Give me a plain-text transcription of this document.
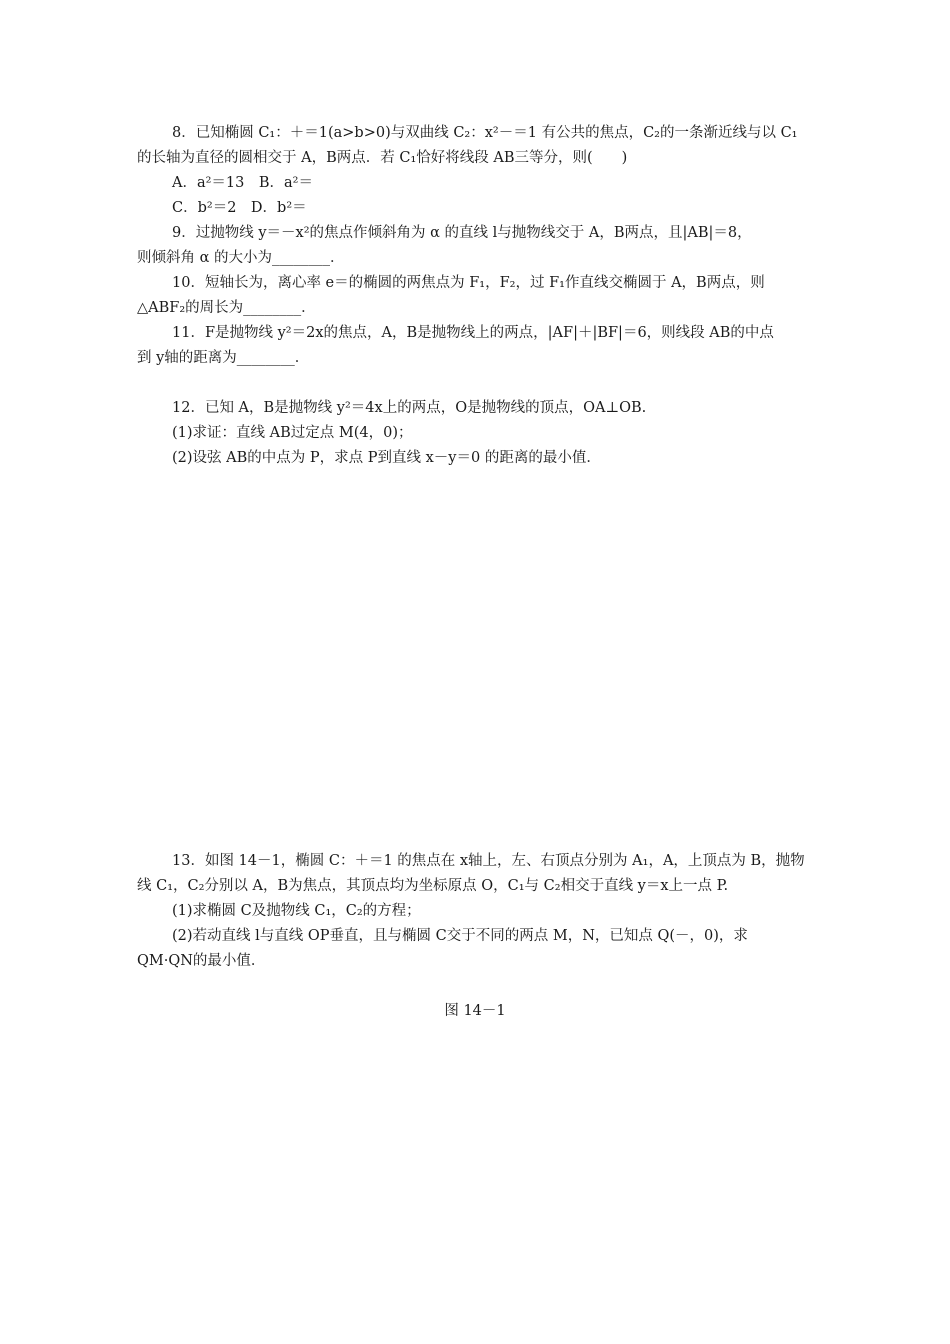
8．已知椭圆 C₁：＋＝1(a>b>0)与双曲线 C₂：x²－＝1 有公共的焦点，C₂的一条渐近线与以 C₁
的长轴为直径的圆相交于 A，B两点．若 C₁恰好将线段 AB三等分，则(　　)
A．a²＝13　B．a²＝
C．b²＝2　D．b²＝
9．过抛物线 y＝－x²的焦点作倾斜角为 α 的直线 l与抛物线交于 A，B两点，且|AB|＝8，
则倾斜角 α 的大小为________．
10．短轴长为，离心率 e＝的椭圆的两焦点为 F₁，F₂，过 F₁作直线交椭圆于 A，B两点，则
△ABF₂的周长为________．
11．F是抛物线 y²＝2x的焦点，A，B是抛物线上的两点，|AF|＋|BF|＝6，则线段 AB的中点
到 y轴的距离为________．
12．已知 A，B是抛物线 y²＝4x上的两点，O是抛物线的顶点，OA⊥OB.
(1)求证：直线 AB过定点 M(4，0)；
(2)设弦 AB的中点为 P，求点 P到直线 x－y＝0 的距离的最小值．
13．如图 14－1，椭圆 C：＋＝1 的焦点在 x轴上，左、右顶点分别为 A₁，A，上顶点为 B，抛物
线 C₁，C₂分别以 A，B为焦点，其顶点均为坐标原点 O，C₁与 C₂相交于直线 y＝x上一点 P.
(1)求椭圆 C及抛物线 C₁，C₂的方程；
(2)若动直线 l与直线 OP垂直，且与椭圆 C交于不同的两点 M，N，已知点 Q(－，0)，求
QM·QN的最小值．
图 14－1
